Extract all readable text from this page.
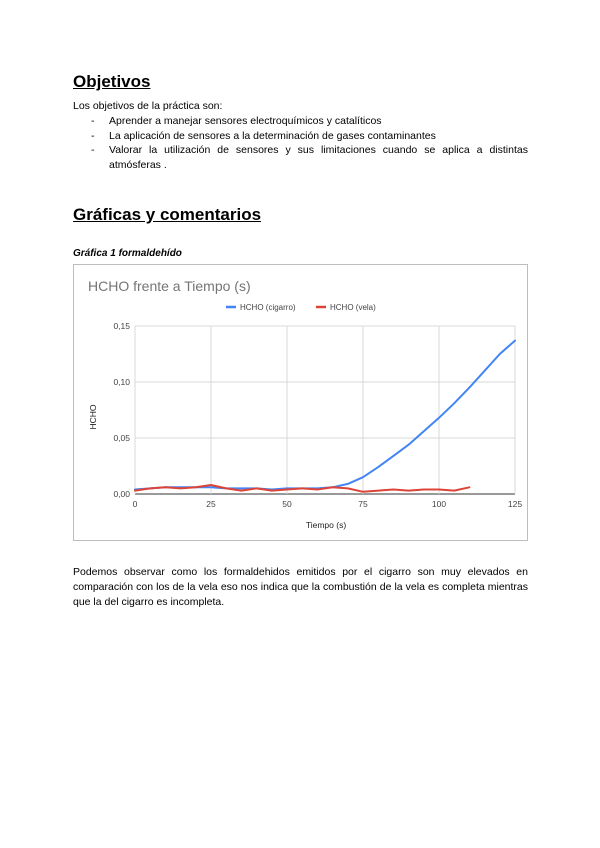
Objetivos

Los objetivos de la práctica son:

- Aprender a manejar sensores electroquímicos y catalíticos
- La aplicación de sensores a la determinación de gases contaminantes
- Valorar la utilización de sensores y sus limitaciones cuando se aplica a distintas atmósferas .
Gráficas y comentarios
Gráfica 1 formaldehído
0,00
0,05
0,10
0,15
0	25	50	75	100	125
HCHO frente a Tiempo (s)
Tiempo (s)
HCHO
HCHO (cigarro)	HCHO (vela)

Podemos observar como los formaldehidos emitidos por el cigarro son muy elevados en comparación con los de la vela eso nos indica que la combustión de la vela es completa mientras que la del cigarro es incompleta.
